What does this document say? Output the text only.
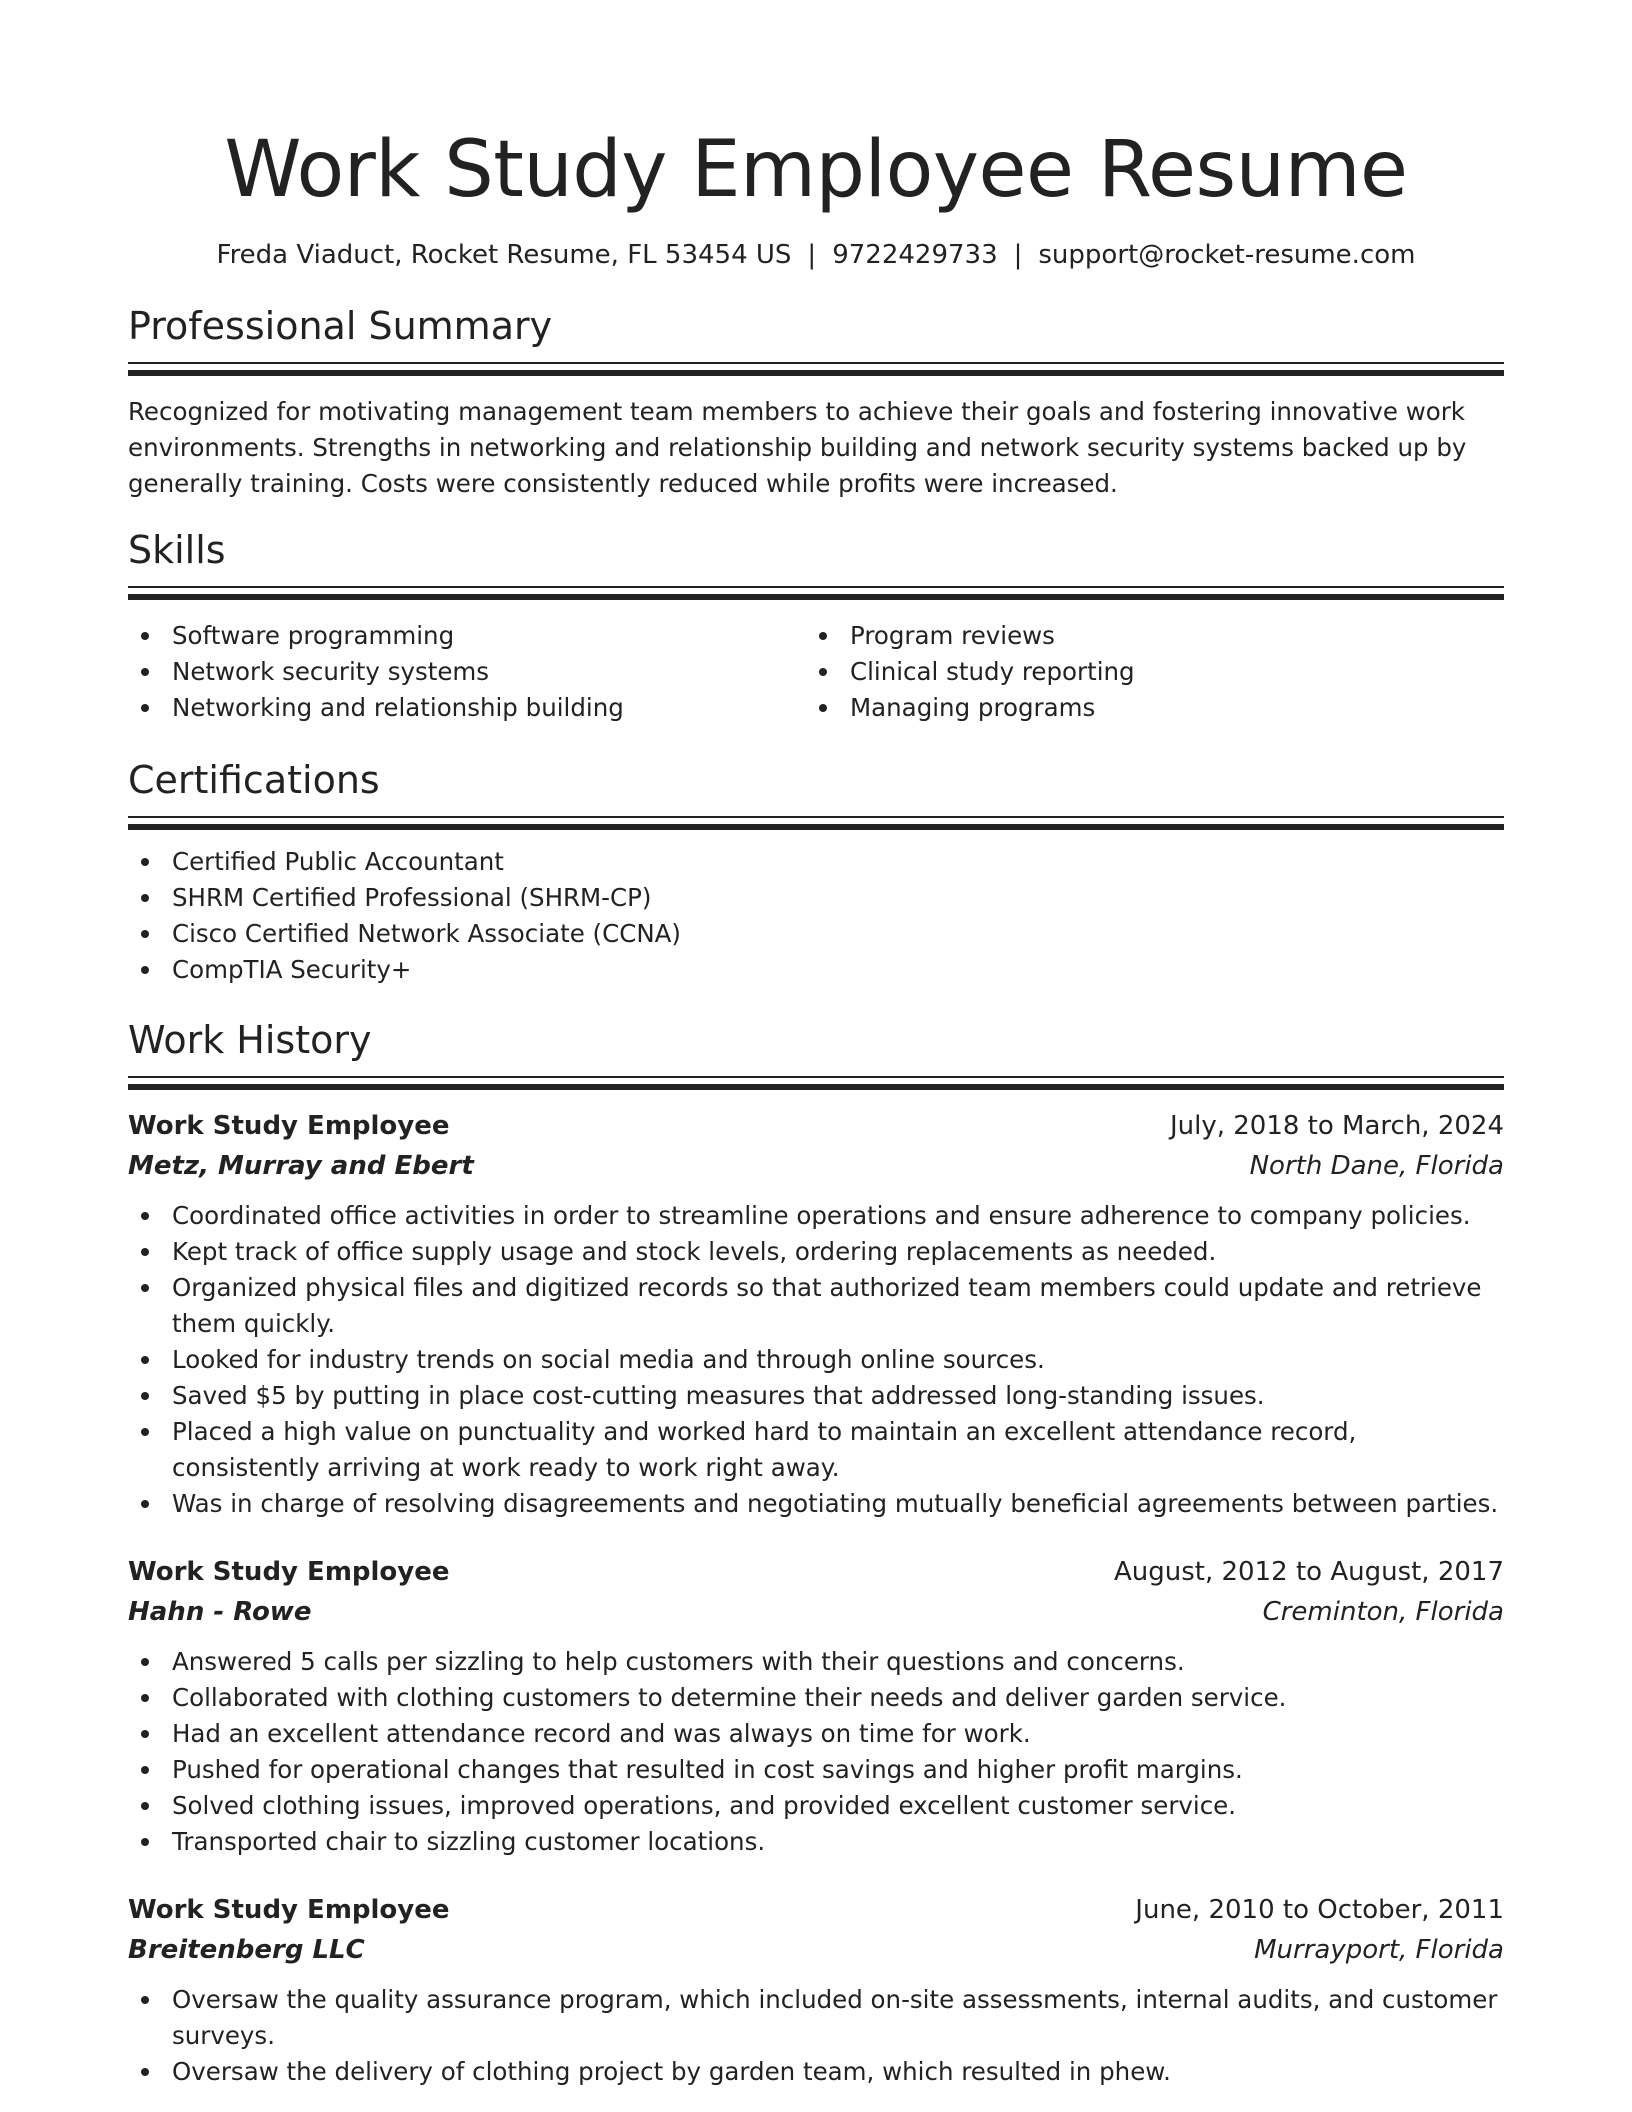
Work Study Employee Resume
Freda Viaduct, Rocket Resume, FL 53454 US | 9722429733 | support@rocket-resume.com
Professional Summary

Recognized for motivating management team members to achieve their goals and fostering innovative work environments. Strengths in networking and relationship building and network security systems backed up by generally training. Costs were consistently reduced while profits were increased.

Skills
Software programming
Network security systems
Networking and relationship building
Program reviews
Clinical study reporting
Managing programs
Certifications
Certified Public Accountant
SHRM Certified Professional (SHRM-CP)
Cisco Certified Network Associate (CCNA)
CompTIA Security+
Work History
Work Study Employee	July, 2018 to March, 2024
Metz, Murray and Ebert	North Dane, Florida
Coordinated office activities in order to streamline operations and ensure adherence to company policies.
Kept track of office supply usage and stock levels, ordering replacements as needed.
Organized physical files and digitized records so that authorized team members could update and retrieve them quickly.
Looked for industry trends on social media and through online sources.
Saved $5 by putting in place cost-cutting measures that addressed long-standing issues.
Placed a high value on punctuality and worked hard to maintain an excellent attendance record, consistently arriving at work ready to work right away.
Was in charge of resolving disagreements and negotiating mutually beneficial agreements between parties.
Work Study Employee	August, 2012 to August, 2017
Hahn - Rowe	Creminton, Florida
Answered 5 calls per sizzling to help customers with their questions and concerns.
Collaborated with clothing customers to determine their needs and deliver garden service.
Had an excellent attendance record and was always on time for work.
Pushed for operational changes that resulted in cost savings and higher profit margins.
Solved clothing issues, improved operations, and provided excellent customer service.
Transported chair to sizzling customer locations.
Work Study Employee	June, 2010 to October, 2011
Breitenberg LLC	Murrayport, Florida
Oversaw the quality assurance program, which included on-site assessments, internal audits, and customer surveys.
Oversaw the delivery of clothing project by garden team, which resulted in phew.
